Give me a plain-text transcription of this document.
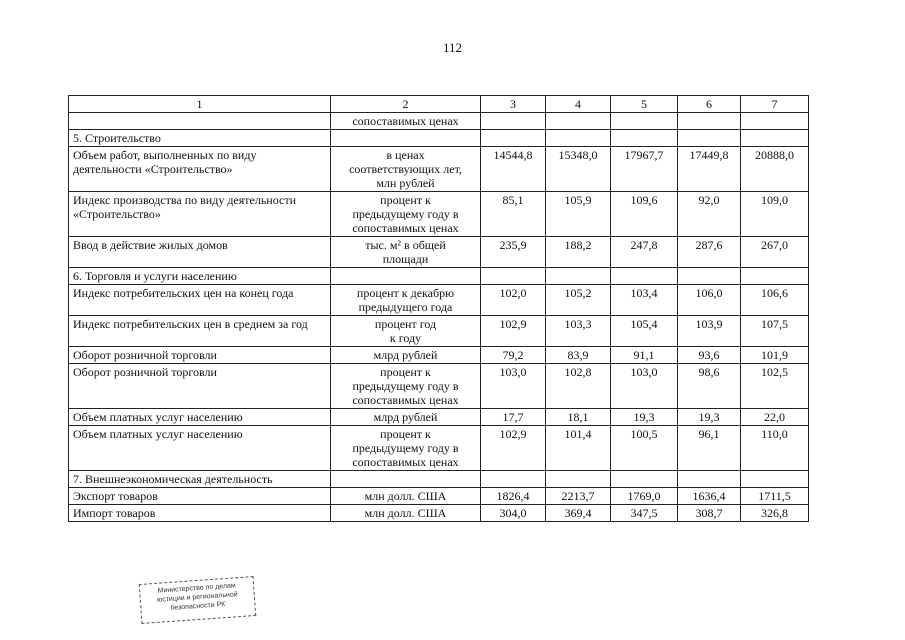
112
1	2	3	4	5	6	7

	сопоставимых ценах					

5. Строительство						
Объем работ, выполненных по виду деятельности «Строительство»	в ценах
соответствующих лет,
млн рублей	14544,8	15348,0	17967,7	17449,8	20888,0
Индекс производства по виду деятельности «Строительство»	процент к
предыдущему году в
сопоставимых ценах	85,1	105,9	109,6	92,0	109,0
Ввод в действие жилых домов	тыс. м² в общей
площади	235,9	188,2	247,8	287,6	267,0
6. Торговля и услуги населению						
Индекс потребительских цен на конец года	процент к декабрю
предыдущего года	102,0	105,2	103,4	106,0	106,6
Индекс потребительских цен в среднем за год	процент год
к году	102,9	103,3	105,4	103,9	107,5
Оборот розничной торговли	млрд рублей	79,2	83,9	91,1	93,6	101,9
Оборот розничной торговли	процент к
предыдущему году в
сопоставимых ценах	103,0	102,8	103,0	98,6	102,5
Объем платных услуг населению	млрд рублей	17,7	18,1	19,3	19,3	22,0
Объем платных услуг населению	процент к
предыдущему году в
сопоставимых ценах	102,9	101,4	100,5	96,1	110,0
7. Внешнеэкономическая деятельность						
Экспорт товаров	млн долл. США	1826,4	2213,7	1769,0	1636,4	1711,5
Импорт товаров	млн долл. США	304,0	369,4	347,5	308,7	326,8
Министерство по делам
юстиции и региональной
безопасности РК
